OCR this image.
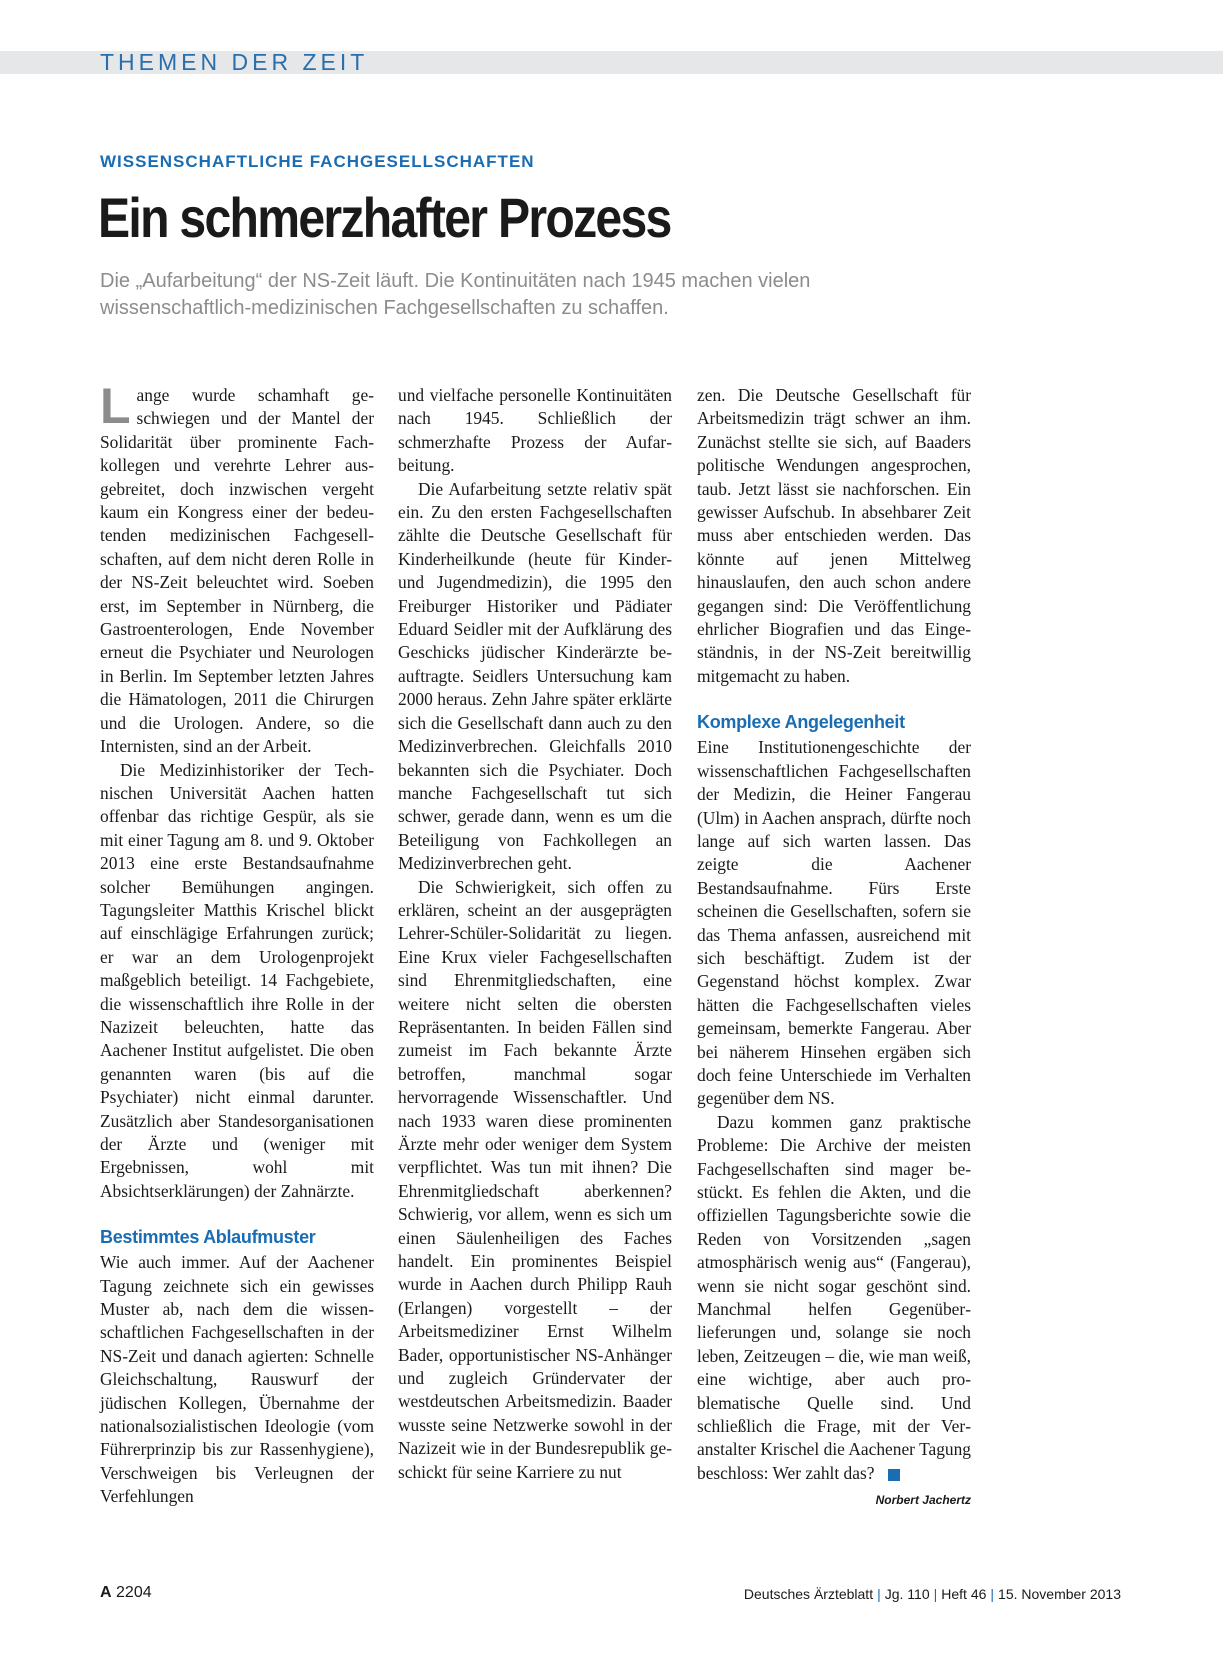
THEMEN DER ZEIT
WISSENSCHAFTLICHE FACHGESELLSCHAFTEN
Ein schmerzhafter Prozess
Die „Aufarbeitung“ der NS-Zeit läuft. Die Kontinuitäten nach 1945 machen vielen wissenschaftlich-medizinischen Fachgesellschaften zu schaffen.

Lange wurde schamhaft geschwiegen und der Mantel der Solidarität über prominente Fachkollegen und verehrte Lehrer ausgebreitet, doch inzwischen vergeht kaum ein Kongress einer der bedeutenden medizinischen Fachgesellschaften, auf dem nicht deren Rolle in der NS-Zeit beleuchtet wird. Soeben erst, im September in Nürnberg, die Gastroenterologen, Ende November erneut die Psychiater und Neurologen in Berlin. Im September letzten Jahres die Hämatologen, 2011 die Chirurgen und die Urologen. Andere, so die Internisten, sind an der Arbeit.

Die Medizinhistoriker der Technischen Universität Aachen hatten offenbar das richtige Gespür, als sie mit einer Tagung am 8. und 9. Oktober 2013 eine erste Bestandsaufnahme solcher Bemühungen angingen. Tagungsleiter Matthis Krischel blickt auf einschlägige Erfahrungen zurück; er war an dem Urologenprojekt maßgeblich beteiligt. 14 Fachgebiete, die wissenschaftlich ihre Rolle in der Nazizeit beleuchten, hatte das Aachener Institut aufgelistet. Die oben genannten waren (bis auf die Psychiater) nicht einmal darunter. Zusätzlich aber Standesorganisationen der Ärzte und (weniger mit Ergebnissen, wohl mit Absichtserklärungen) der Zahnärzte.

Bestimmtes Ablaufmuster

Wie auch immer. Auf der Aachener Tagung zeichnete sich ein gewisses Muster ab, nach dem die wissenschaftlichen Fachgesellschaften in der NS-Zeit und danach agierten: Schnelle Gleichschaltung, Rauswurf der jüdischen Kollegen, Übernahme der nationalsozialistischen Ideologie (vom Führerprinzip bis zur Rassenhygiene), Verschweigen bis Verleugnen der Verfehlungen

und vielfache personelle Kontinuitäten nach 1945. Schließlich der schmerzhafte Prozess der Aufarbeitung.

Die Aufarbeitung setzte relativ spät ein. Zu den ersten Fachgesellschaften zählte die Deutsche Gesellschaft für Kinderheilkunde (heute für Kinder- und Jugendmedizin), die 1995 den Freiburger Historiker und Pädiater Eduard Seidler mit der Aufklärung des Geschicks jüdischer Kinderärzte beauftragte. Seidlers Untersuchung kam 2000 heraus. Zehn Jahre später erklärte sich die Gesellschaft dann auch zu den Medizinverbrechen. Gleichfalls 2010 bekannten sich die Psychiater. Doch manche Fachgesellschaft tut sich schwer, gerade dann, wenn es um die Beteiligung von Fachkollegen an Medizinverbrechen geht.

Die Schwierigkeit, sich offen zu erklären, scheint an der ausgeprägten Lehrer-Schüler-Solidarität zu liegen. Eine Krux vieler Fachgesellschaften sind Ehrenmitgliedschaften, eine weitere nicht selten die obersten Repräsentanten. In beiden Fällen sind zumeist im Fach bekannte Ärzte betroffen, manchmal sogar hervorragende Wissenschaftler. Und nach 1933 waren diese prominenten Ärzte mehr oder weniger dem System verpflichtet. Was tun mit ihnen? Die Ehrenmitgliedschaft aberkennen? Schwierig, vor allem, wenn es sich um einen Säulenheiligen des Faches handelt. Ein prominentes Beispiel wurde in Aachen durch Philipp Rauh (Erlangen) vorgestellt – der Arbeitsmediziner Ernst Wilhelm Bader, opportunistischer NS-Anhänger und zugleich Gründervater der westdeutschen Arbeitsmedizin. Baader wusste seine Netzwerke sowohl in der Nazizeit wie in der Bundesrepublik geschickt für seine Karriere zu nut

zen. Die Deutsche Gesellschaft für Arbeitsmedizin trägt schwer an ihm. Zunächst stellte sie sich, auf Baaders politische Wendungen angesprochen, taub. Jetzt lässt sie nachforschen. Ein gewisser Aufschub. In absehbarer Zeit muss aber entschieden werden. Das könnte auf jenen Mittelweg hinauslaufen, den auch schon andere gegangen sind: Die Veröffentlichung ehrlicher Biografien und das Eingeständnis, in der NS-Zeit bereitwillig mitgemacht zu haben.

Komplexe Angelegenheit

Eine Institutionengeschichte der wissenschaftlichen Fachgesellschaften der Medizin, die Heiner Fangerau (Ulm) in Aachen ansprach, dürfte noch lange auf sich warten lassen. Das zeigte die Aachener Bestandsaufnahme. Fürs Erste scheinen die Gesellschaften, sofern sie das Thema anfassen, ausreichend mit sich beschäftigt. Zudem ist der Gegenstand höchst komplex. Zwar hätten die Fachgesellschaften vieles gemeinsam, bemerkte Fangerau. Aber bei näherem Hinsehen ergäben sich doch feine Unterschiede im Verhalten gegenüber dem NS.

Dazu kommen ganz praktische Probleme: Die Archive der meisten Fachgesellschaften sind mager bestückt. Es fehlen die Akten, und die offiziellen Tagungsberichte sowie die Reden von Vorsitzenden „sagen atmosphärisch wenig aus“ (Fangerau), wenn sie nicht sogar geschönt sind. Manchmal helfen Gegenüberlieferungen und, solange sie noch leben, Zeitzeugen – die, wie man weiß, eine wichtige, aber auch problematische Quelle sind. Und schließlich die Frage, mit der Veranstalter Krischel die Aachener Tagung beschloss: Wer zahlt das?

Norbert Jachertz
A 2204	Deutsches Ärzteblatt | Jg. 110 | Heft 46 | 15. November 2013
